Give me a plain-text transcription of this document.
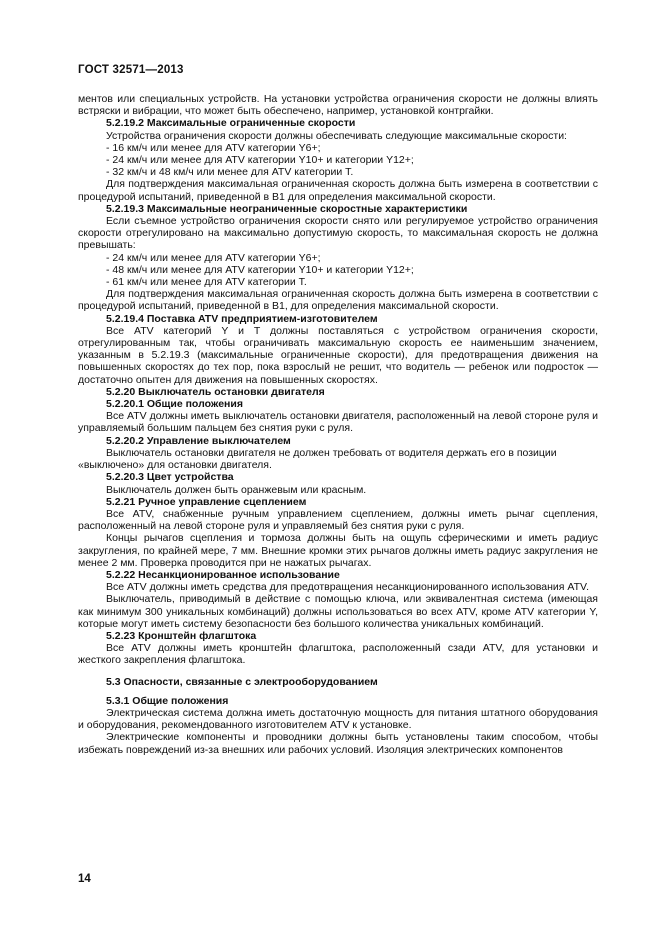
ГОСТ 32571—2013

ментов или специальных устройств. На установки устройства ограничения скорости не должны влиять встряски и вибрации, что может быть обеспечено, например, установкой контргайки.

5.2.19.2 Максимальные ограниченные скорости

Устройства ограничения скорости должны обеспечивать следующие максимальные скорости:

- 16 км/ч или менее для ATV категории Y6+;

- 24 км/ч или менее для ATV категории Y10+ и категории Y12+;

- 32 км/ч и 48 км/ч или менее для ATV категории T.

Для подтверждения максимальная ограниченная скорость должна быть измерена в соответствии с процедурой испытаний, приведенной в В1 для определения максимальной скорости.

5.2.19.3 Максимальные неограниченные скоростные характеристики

Если съемное устройство ограничения скорости снято или регулируемое устройство ограничения скорости отрегулировано на максимально допустимую скорость, то максимальная скорость не должна превышать:

- 24 км/ч или менее для ATV категории Y6+;

- 48 км/ч или менее для ATV категории Y10+ и категории Y12+;

- 61 км/ч или менее для ATV категории T.

Для подтверждения максимальная ограниченная скорость должна быть измерена в соответствии с процедурой испытаний, приведенной в В1, для определения максимальной скорости.

5.2.19.4 Поставка ATV предприятием-изготовителем

Все ATV категорий Y и T должны поставляться с устройством ограничения скорости, отрегулированным так, чтобы ограничивать максимальную скорость ее наименьшим значением, указанным в 5.2.19.3 (максимальные ограниченные скорости), для предотвращения движения на повышенных скоростях до тех пор, пока взрослый не решит, что водитель — ребенок или подросток — достаточно опытен для движения на повышенных скоростях.

5.2.20 Выключатель остановки двигателя

5.2.20.1 Общие положения

Все ATV должны иметь выключатель остановки двигателя, расположенный на левой стороне руля и управляемый большим пальцем без снятия руки с руля.

5.2.20.2 Управление выключателем

Выключатель остановки двигателя не должен требовать от водителя держать его в позиции

«выключено» для остановки двигателя.

5.2.20.3 Цвет устройства

Выключатель должен быть оранжевым или красным.

5.2.21 Ручное управление сцеплением

Все ATV, снабженные ручным управлением сцеплением, должны иметь рычаг сцепления, расположенный на левой стороне руля и управляемый без снятия руки с руля.

Концы рычагов сцепления и тормоза должны быть на ощупь сферическими и иметь радиус закругления, по крайней мере, 7 мм. Внешние кромки этих рычагов должны иметь радиус закругления не менее 2 мм. Проверка проводится при не нажатых рычагах.

5.2.22 Несанкционированное использование

Все ATV должны иметь средства для предотвращения несанкционированного использования ATV.

Выключатель, приводимый в действие с помощью ключа, или эквивалентная система (имеющая как минимум 300 уникальных комбинаций) должны использоваться во всех ATV, кроме ATV категории Y, которые могут иметь систему безопасности без большого количества уникальных комбинаций.

5.2.23 Кронштейн флагштока

Все ATV должны иметь кронштейн флагштока, расположенный сзади ATV, для установки и жесткого закрепления флагштока.

5.3 Опасности, связанные с электрооборудованием

5.3.1 Общие положения

Электрическая система должна иметь достаточную мощность для питания штатного оборудования и оборудования, рекомендованного изготовителем ATV к установке.

Электрические компоненты и проводники должны быть установлены таким способом, чтобы избежать повреждений из-за внешних или рабочих условий. Изоляция электрических компонентов

14
